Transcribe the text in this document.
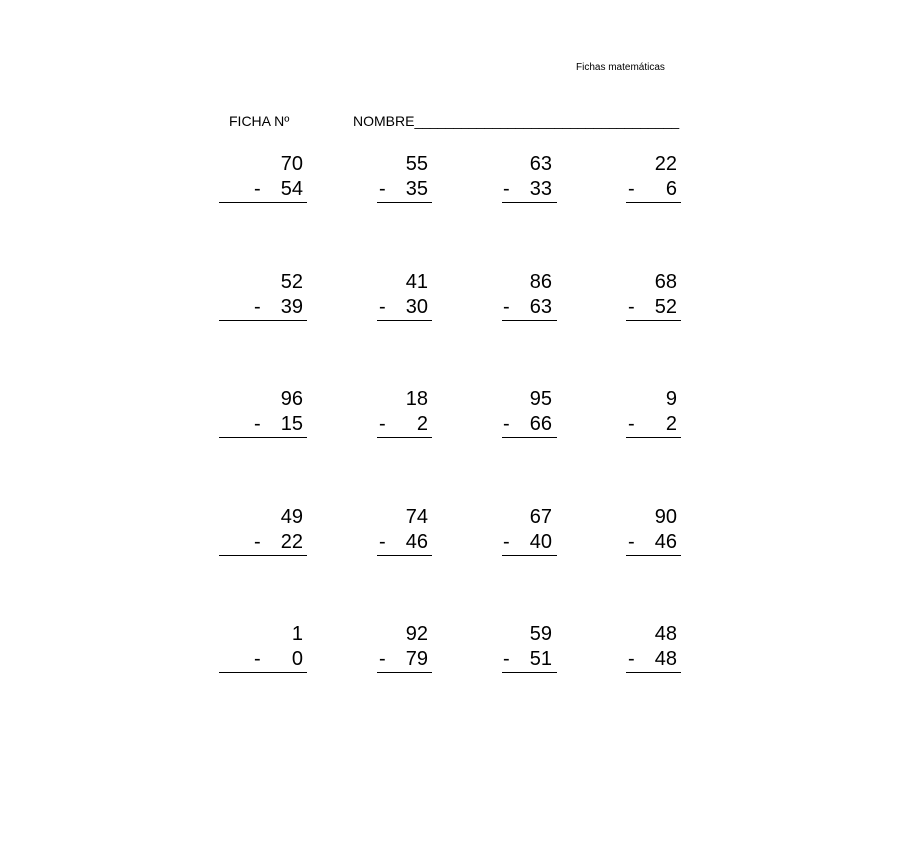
Fichas matemáticas
FICHA Nº	NOMBRE__________________________________
70
-	54
55
-	35
63
-	33
22
-	6
52
-	39
41
-	30
86
-	63
68
-	52
96
-	15
18
-	2
95
-	66
9
-	2
49
-	22
74
-	46
67
-	40
90
-	46
1
-	0
92
-	79
59
-	51
48
-	48
